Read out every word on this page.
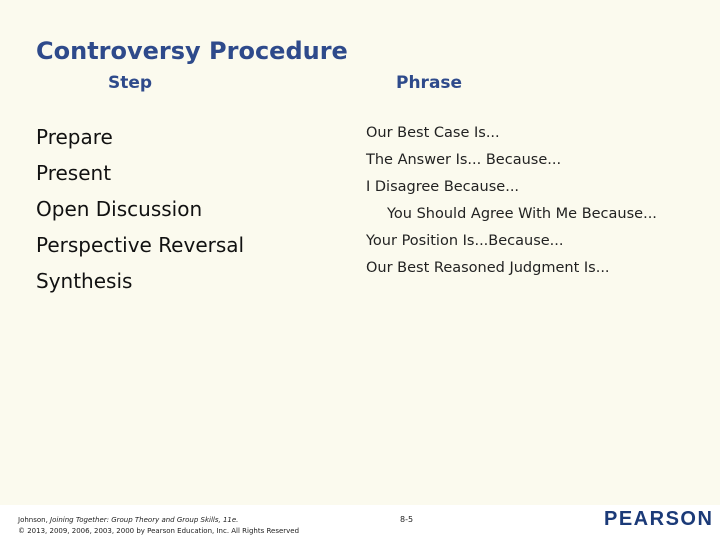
Controversy Procedure
Step	Phrase
Prepare
Present
Open Discussion
Perspective Reversal
Synthesis
Our Best Case Is...
The Answer Is... Because...
I Disagree Because...
You Should Agree With Me Because...
Your Position Is...Because...
Our Best Reasoned Judgment Is...
Johnson, Joining Together: Group Theory and Group Skills, 11e.
© 2013, 2009, 2006, 2003, 2000 by Pearson Education, Inc. All Rights Reserved
8-5	PEARSON
